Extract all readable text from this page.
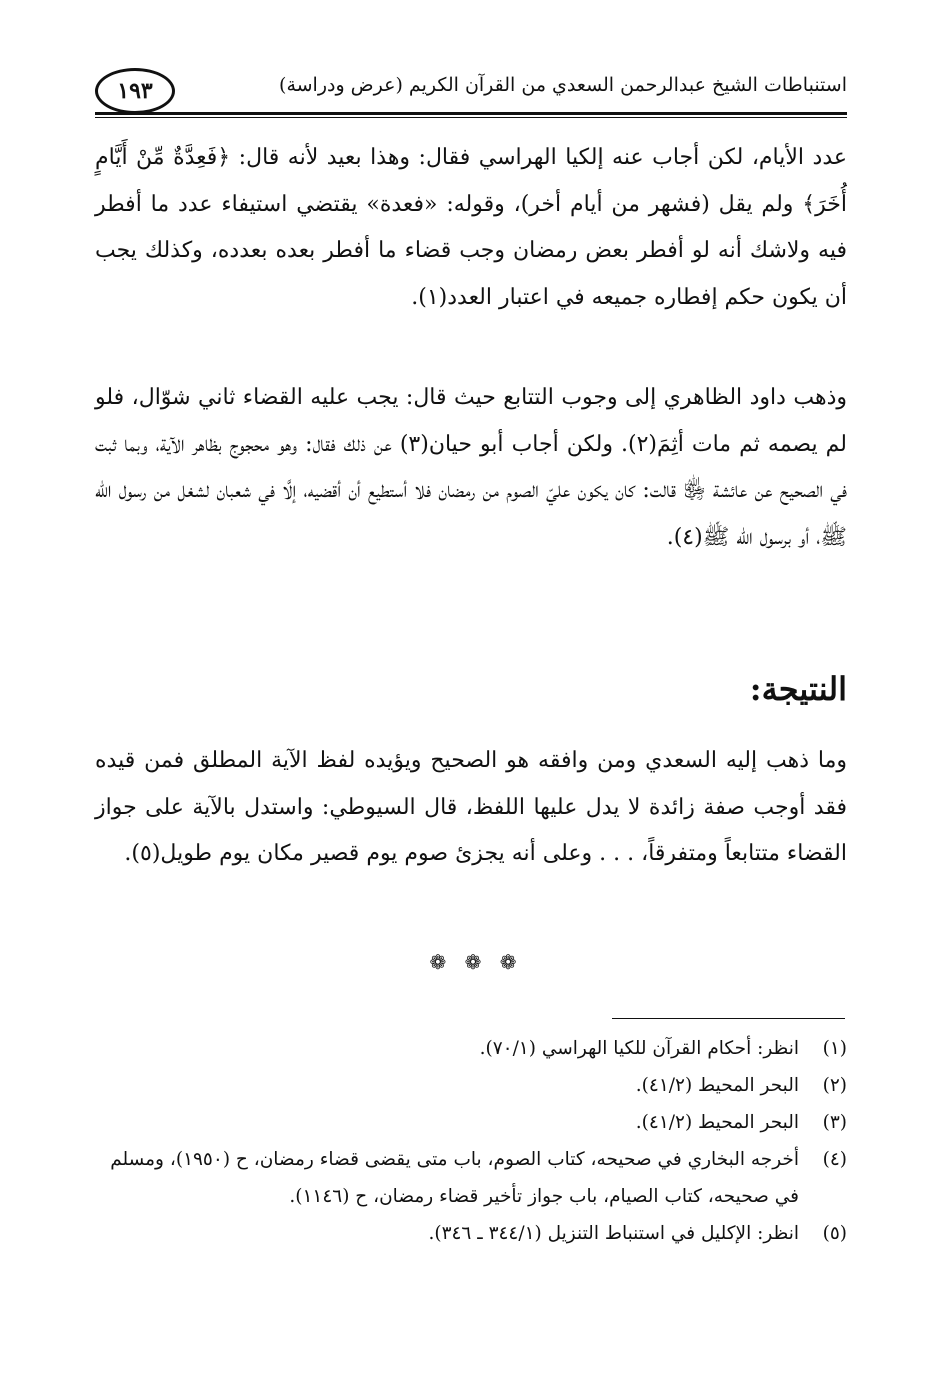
١٩٣	استنباطات الشيخ عبدالرحمن السعدي من القرآن الكريم (عرض ودراسة)
عدد الأيام، لكن أجاب عنه إلكيا الهراسي فقال: وهذا بعيد لأنه قال: ﴿فَعِدَّةٌ مِّنْ أَيَّامٍ أُخَرَ﴾ ولم يقل (فشهر من أيام أخر)، وقوله: «فعدة» يقتضي استيفاء عدد ما أفطر فيه ولاشك أنه لو أفطر بعض رمضان وجب قضاء ما أفطر بعده بعدده، وكذلك يجب أن يكون حكم إفطاره جميعه في اعتبار العدد(١).
وذهب داود الظاهري إلى وجوب التتابع حيث قال: يجب عليه القضاء ثاني شوّال، فلو لم يصمه ثم مات أثِمَ(٢). ولكن أجاب أبو حيان(٣) عن ذلك فقال: وهو محجوج بظاهر الآية، وبما ثبت في الصحيح عن عائشة ﵂ قالت: كان يكون عليّ الصوم من رمضان فلا أستطيع أن أقضيه، إلَّا في شعبان لشغل من رسول الله ﷺ، أو برسول الله ﷺ(٤).
النتيجة:
وما ذهب إليه السعدي ومن وافقه هو الصحيح ويؤيده لفظ الآية المطلق فمن قيده فقد أوجب صفة زائدة لا يدل عليها اللفظ، قال السيوطي: واستدل بالآية على جواز القضاء متتابعاً ومتفرقاً، . . . وعلى أنه يجزئ صوم يوم قصير مكان يوم طويل(٥).
❁ ❁ ❁
(١)
انظر: أحكام القرآن للكيا الهراسي (٧٠/١).
(٢)
البحر المحيط (٤١/٢).
(٣)
البحر المحيط (٤١/٢).
(٤)
أخرجه البخاري في صحيحه، كتاب الصوم، باب متى يقضى قضاء رمضان، ح (١٩٥٠)، ومسلم في صحيحه، كتاب الصيام، باب جواز تأخير قضاء رمضان، ح (١١٤٦).
(٥)
انظر: الإكليل في استنباط التنزيل (٣٤٤/١ ـ ٣٤٦).
